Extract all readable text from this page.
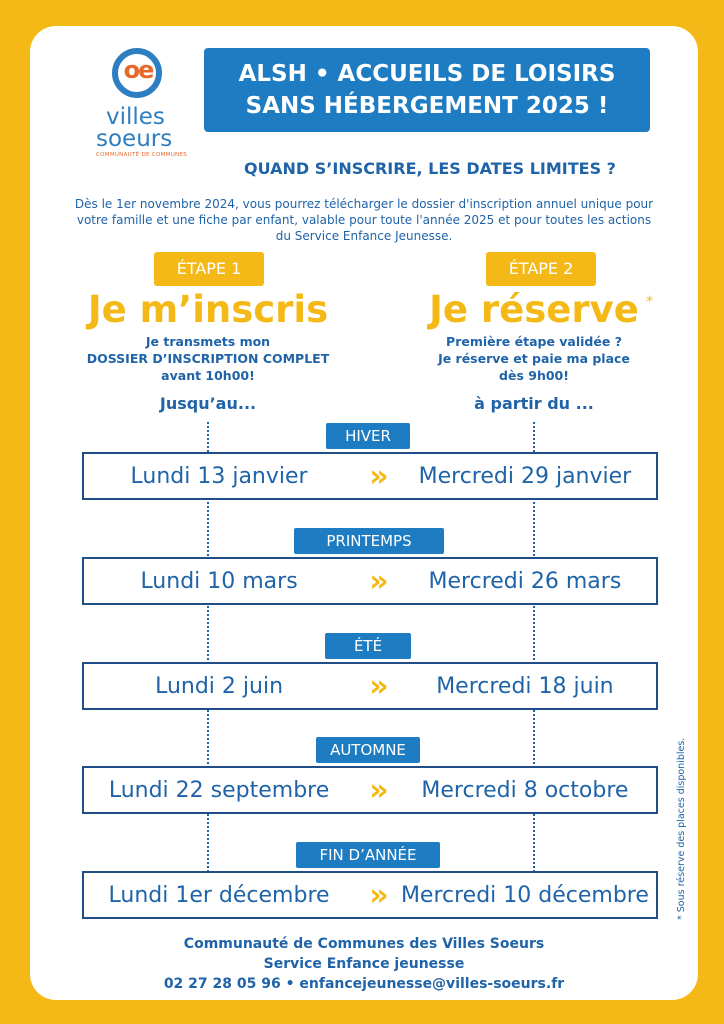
oe
villes
soeurs
COMMUNAUTÉ DE COMMUNES
ALSH • ACCUEILS DE LOISIRS
SANS HÉBERGEMENT 2025 !
QUAND S’INSCRIRE, LES DATES LIMITES ?
Dès le 1er novembre 2024, vous pourrez télécharger le dossier d'inscription annuel unique pour votre famille et une fiche par enfant, valable pour toute l'année 2025 et pour toutes les actions du Service Enfance Jeunesse.
ÉTAPE 1	ÉTAPE 2
Je m’inscris	Je réserve *
Je transmets mon
DOSSIER D’INSCRIPTION COMPLET
avant 10h00!
Première étape validée ?
Je réserve et paie ma place
dès 9h00!
Jusqu’au...	à partir du ...
HIVER
Lundi 13 janvier	»	Mercredi 29 janvier
PRINTEMPS
Lundi 10 mars	»	Mercredi 26 mars
ÉTÉ
Lundi 2 juin	»	Mercredi 18 juin
AUTOMNE
Lundi 22 septembre	»	Mercredi 8 octobre
FIN D’ANNÉE
Lundi 1er décembre	»	Mercredi 10 décembre
Communauté de Communes des Villes Soeurs
Service Enfance jeunesse
02 27 28 05 96 • enfancejeunesse@villes-soeurs.fr
* Sous réserve des places disponibles.
